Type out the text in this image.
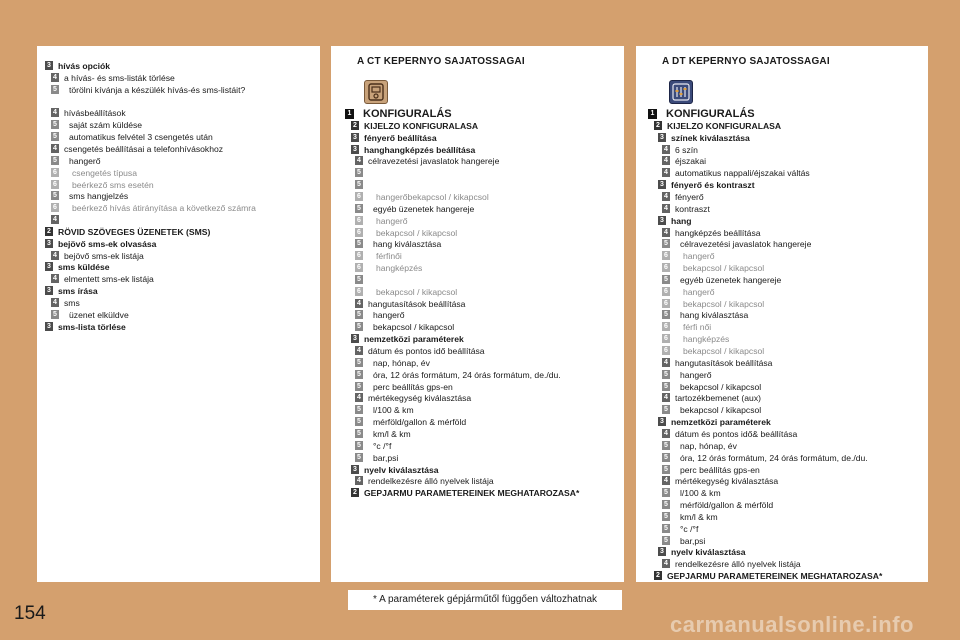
3 hívás opciók
4 a hívás- és sms-listák törlése
5 törölni kívánja a készülék hívás-és sms-listáit?
4 hívásbeállítások
5 saját szám küldése
5 automatikus felvétel 3 csengetés után
4 csengetés beállításai a telefonhívásokhoz
5 hangerő
6 csengetés típusa
6 beérkező sms esetén
5 sms hangjelzés
6 beérkező hívás átirányítása a következő számra
4
2 RÖVID SZÖVEGES ÜZENETEK (SMS)
3 bejövő sms-ek olvasása
4 bejövő sms-ek listája
3 sms küldése
4 elmentett sms-ek listája
3 sms írása
4 sms
5 üzenet elküldve
3 sms-lista törlése
A CT KEPERNYO SAJATOSSAGAI
1 KONFIGURALÁS
2 KIJELZO KONFIGURALASA
3 fényerő beállítása
3 hanghangképzés beállítása
4 célravezetési javaslatok hangereje
5
5
6 hangerőbekapcsol / kikapcsol
5 egyéb üzenetek hangereje
6 hangerő
6 bekapcsol / kikapcsol
5 hang kiválasztása
6 férfinői
6 hangképzés
5
6 bekapcsol / kikapcsol
4 hangutasítások beállítása
5 hangerő
5 bekapcsol / kikapcsol
3 nemzetközi paraméterek
4 dátum és pontos idő beállítása
5 nap, hónap, év
5 óra, 12 órás formátum, 24 órás formátum, de./du.
5 perc beállítás gps-en
4 mértékegység kiválasztása
5 l/100 & km
5 mérföld/gallon & mérföld
5 km/l & km
5 °c /°f
5 bar,psi
3 nyelv kiválasztása
4 rendelkezésre álló nyelvek listája
2 GEPJARMU PARAMETEREINEK MEGHATAROZASA*
A DT KEPERNYO SAJATOSSAGAI
1 KONFIGURALÁS
2 KIJELZO KONFIGURALASA
3 színek kiválasztása
4 6 szín
4 éjszakai
4 automatikus nappali/éjszakai váltás
3 fényerő és kontraszt
4 fényerő
4 kontraszt
3 hang
4 hangképzés beállítása
5 célravezetési javaslatok hangereje
6 hangerő
6 bekapcsol / kikapcsol
5 egyéb üzenetek hangereje
6 hangerő
6 bekapcsol / kikapcsol
5 hang kiválasztása
6 férfi női
6 hangképzés
6 bekapcsol / kikapcsol
4 hangutasítások beállítása
5 hangerő
5 bekapcsol / kikapcsol
4 tartozékbemenet (aux)
5 bekapcsol / kikapcsol
3 nemzetközi paraméterek
4 dátum és pontos idő& beállítása
5 nap, hónap, év
5 óra, 12 órás formátum, 24 órás formátum, de./du.
5 perc beállítás gps-en
4 mértékegység kiválasztása
5 l/100 & km
5 mérföld/gallon & mérföld
5 km/l & km
5 °c /°f
5 bar,psi
3 nyelv kiválasztása
4 rendelkezésre álló nyelvek listája
2 GEPJARMU PARAMETEREINEK MEGHATAROZASA*
* A paraméterek gépjárműtől függően változhatnak
154	carmanualsonline.info
